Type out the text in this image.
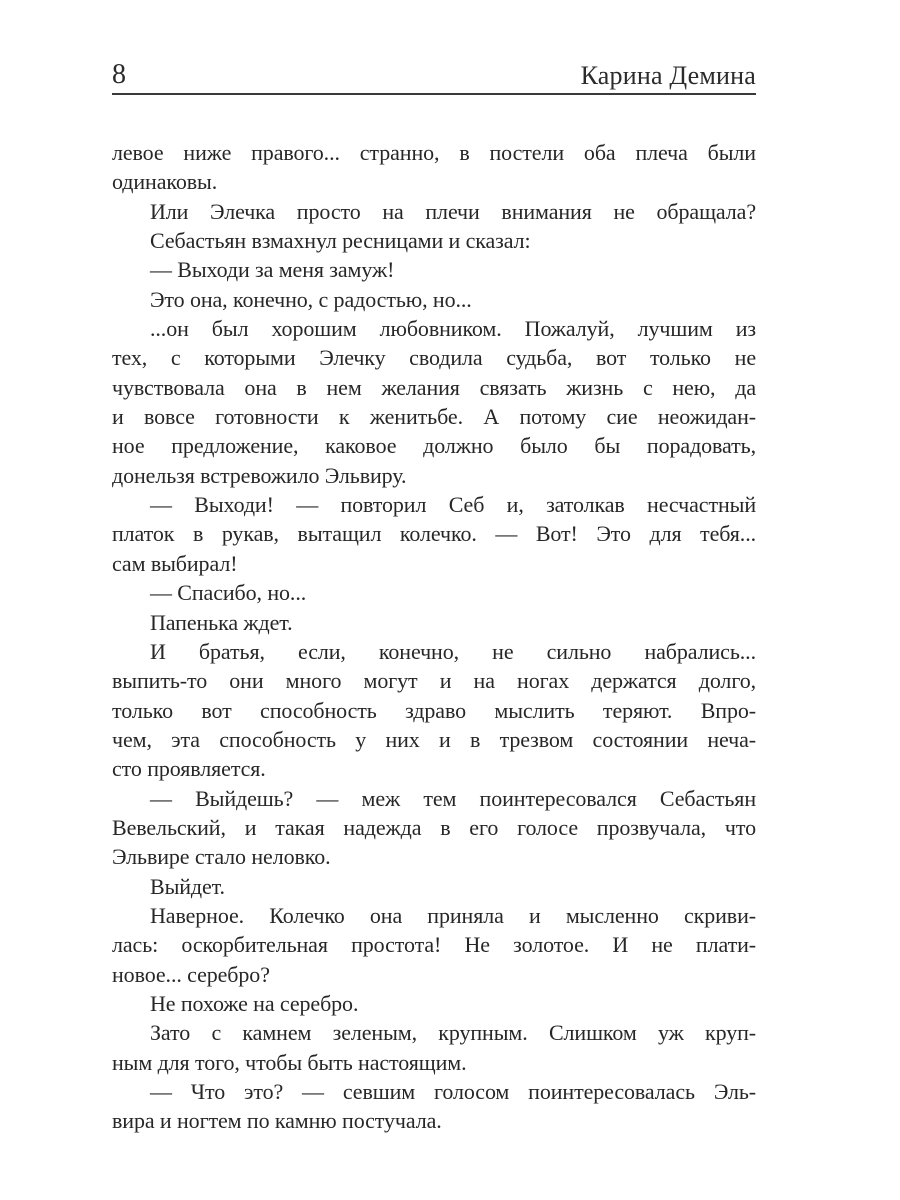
8	Карина Демина
левое ниже правого... странно, в постели оба плеча были
одинаковы.
Или Элечка просто на плечи внимания не обращала?
Себастьян взмахнул ресницами и сказал:
— Выходи за меня замуж!
Это она, конечно, с радостью, но...
...он был хорошим любовником. Пожалуй, лучшим из
тех, с которыми Элечку сводила судьба, вот только не
чувствовала она в нем желания связать жизнь с нею, да
и вовсе готовности к женитьбе. А потому сие неожидан-
ное предложение, каковое должно было бы порадовать,
донельзя встревожило Эльвиру.
— Выходи! — повторил Себ и, затолкав несчастный
платок в рукав, вытащил колечко. — Вот! Это для тебя...
сам выбирал!
— Спасибо, но...
Папенька ждет.
И братья, если, конечно, не сильно набрались...
выпить-то они много могут и на ногах держатся долго,
только вот способность здраво мыслить теряют. Впро-
чем, эта способность у них и в трезвом состоянии неча-
сто проявляется.
— Выйдешь? — меж тем поинтересовался Себастьян
Вевельский, и такая надежда в его голосе прозвучала, что
Эльвире стало неловко.
Выйдет.
Наверное. Колечко она приняла и мысленно скриви-
лась: оскорбительная простота! Не золотое. И не плати-
новое... серебро?
Не похоже на серебро.
Зато с камнем зеленым, крупным. Слишком уж круп-
ным для того, чтобы быть настоящим.
— Что это? — севшим голосом поинтересовалась Эль-
вира и ногтем по камню постучала.
